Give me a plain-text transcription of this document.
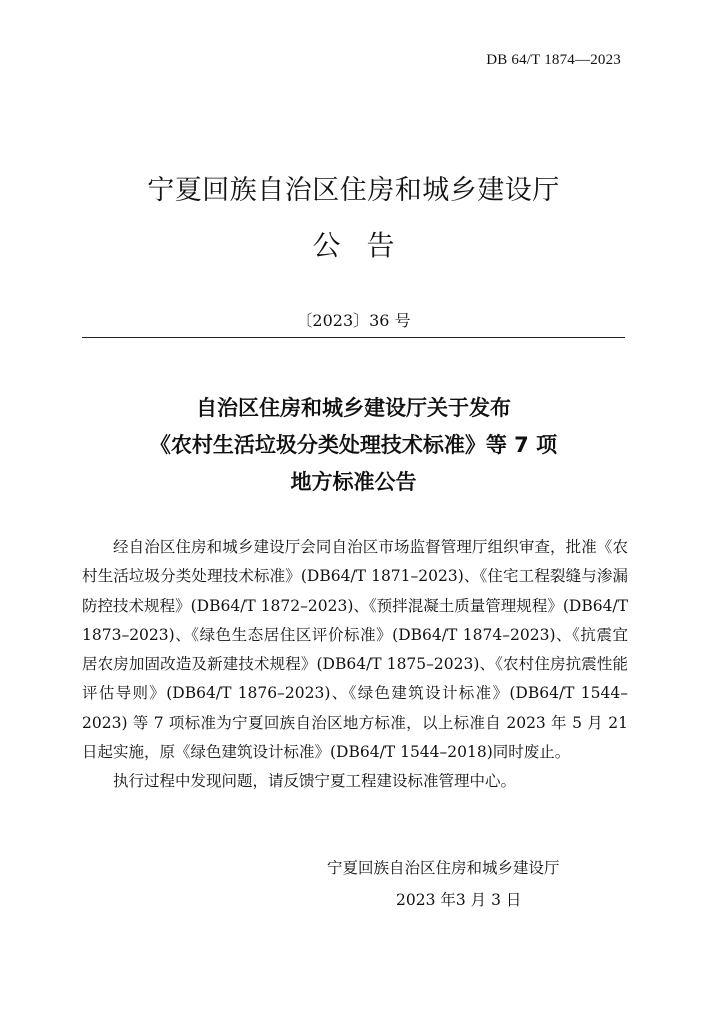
DB 64/T 1874—2023
宁夏回族自治区住房和城乡建设厅
公告
〔2023〕36 号
自治区住房和城乡建设厅关于发布
《农村生活垃圾分类处理技术标准》等 7 项
地方标准公告

经自治区住房和城乡建设厅会同自治区市场监督管理厅组织审查，批准《农村生活垃圾分类处理技术标准》(DB64/T 1871–2023)、《住宅工程裂缝与渗漏防控技术规程》(DB64/T 1872–2023)、《预拌混凝土质量管理规程》(DB64/T 1873–2023)、《绿色生态居住区评价标准》(DB64/T 1874–2023)、《抗震宜居农房加固改造及新建技术规程》(DB64/T 1875–2023)、《农村住房抗震性能评估导则》(DB64/T 1876–2023)、《绿色建筑设计标准》(DB64/T 1544–2023) 等 7 项标准为宁夏回族自治区地方标准，以上标准自 2023 年 5 月 21 日起实施，原《绿色建筑设计标准》(DB64/T 1544–2018)同时废止。

执行过程中发现问题，请反馈宁夏工程建设标准管理中心。

宁夏回族自治区住房和城乡建设厅
2023 年3 月 3 日
